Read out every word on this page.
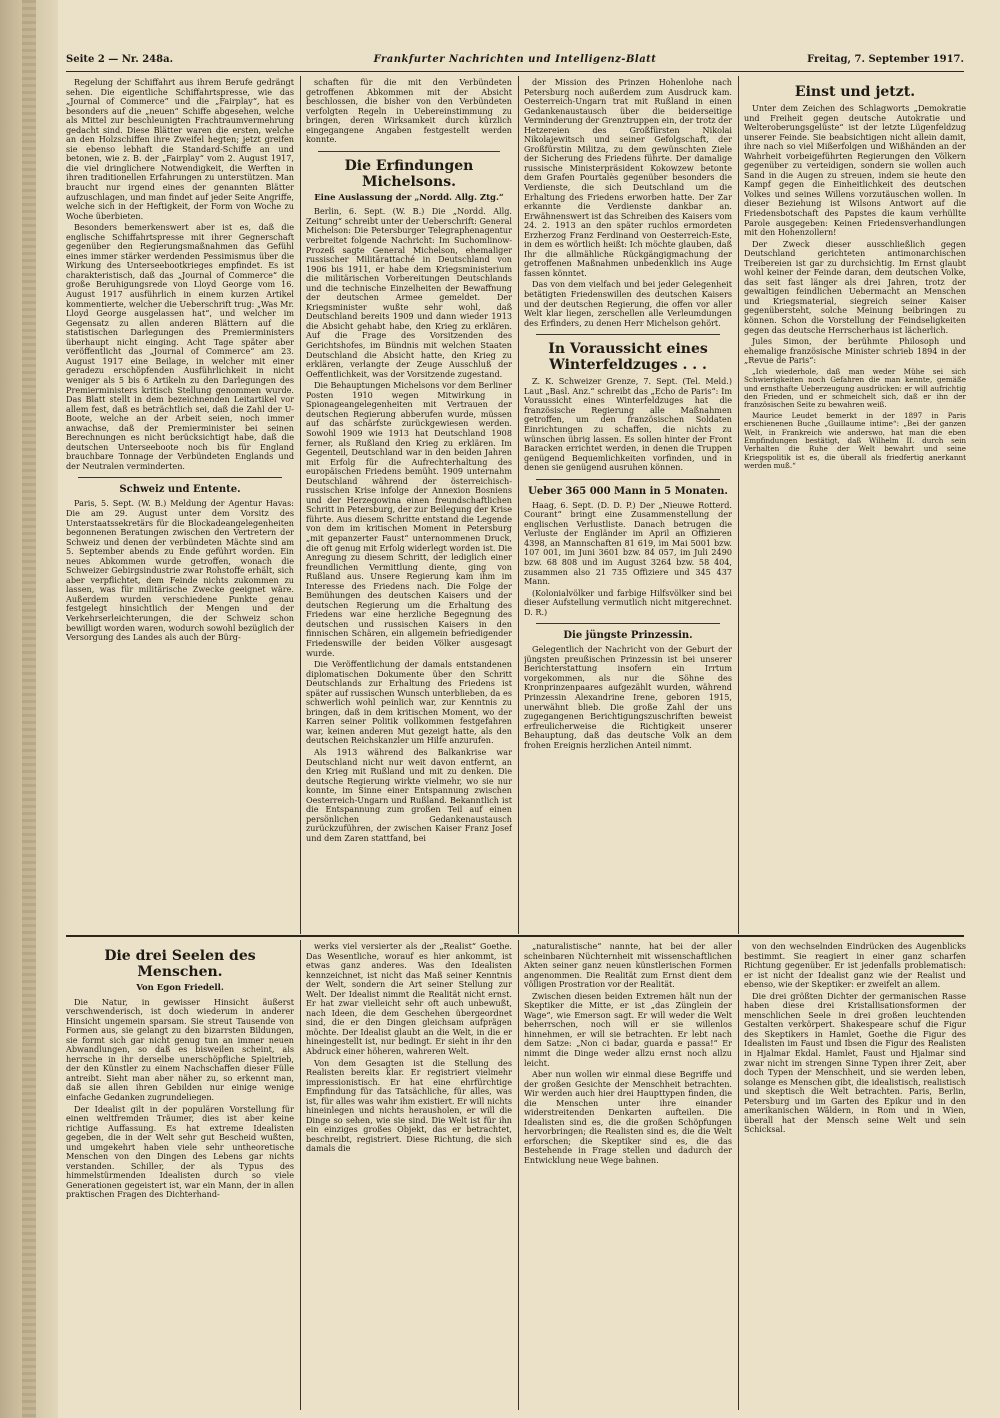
Seite 2 — Nr. 248a.	Frankfurter Nachrichten und Intelligenz-Blatt	Freitag, 7. September 1917.

Regelung der Schiffahrt aus ihrem Berufe gedrängt sehen. Die eigentliche Schiffahrtspresse, wie das „Journal of Commerce“ und die „Fairplay“, hat es besonders auf die „neuen“ Schiffe abgesehen, welche als Mittel zur beschleunigten Frachtraumvermehrung gedacht sind. Diese Blätter waren die ersten, welche an den Holzschiffen ihre Zweifel hegten; jetzt greifen sie ebenso lebhaft die Standard-Schiffe an und betonen, wie z. B. der „Fairplay“ vom 2. August 1917, die viel dringlichere Notwendigkeit, die Werften in ihren traditionellen Erfahrungen zu unterstützen. Man braucht nur irgend eines der genannten Blätter aufzuschlagen, und man findet auf jeder Seite Angriffe, welche sich in der Heftigkeit, der Form von Woche zu Woche überbieten.

Besonders bemerkenswert aber ist es, daß die englische Schiffahrtspresse mit ihrer Gegnerschaft gegenüber den Regierungsmaßnahmen das Gefühl eines immer stärker werdenden Pessimismus über die Wirkung des Unterseebootkrieges empfindet. Es ist charakteristisch, daß das „Journal of Commerce“ die große Beruhigungsrede von Lloyd George vom 16. August 1917 ausführlich in einem kurzen Artikel kommentierte, welcher die Ueberschrift trug: „Was Mr. Lloyd George ausgelassen hat“, und welcher im Gegensatz zu allen anderen Blättern auf die statistischen Darlegungen des Premierministers überhaupt nicht einging. Acht Tage später aber veröffentlicht das „Journal of Commerce“ am 23. August 1917 eine Beilage, in welcher mit einer geradezu erschöpfenden Ausführlichkeit in nicht weniger als 5 bis 6 Artikeln zu den Darlegungen des Premierministers kritisch Stellung genommen wurde. Das Blatt stellt in dem bezeichnenden Leitartikel vor allem fest, daß es beträchtlich sei, daß die Zahl der U-Boote, welche an der Arbeit seien, noch immer anwachse, daß der Premierminister bei seinen Berechnungen es nicht berücksichtigt habe, daß die deutschen Unterseeboote noch bis für England brauchbare Tonnage der Verbündeten Englands und der Neutralen verminderten.

Schweiz und Entente.

Paris, 5. Sept. (W. B.) Meldung der Agentur Havas: Die am 29. August unter dem Vorsitz des Unterstaatssekretärs für die Blockadeangelegenheiten begonnenen Beratungen zwischen den Vertretern der Schweiz und denen der verbündeten Mächte sind am 5. September abends zu Ende geführt worden. Ein neues Abkommen wurde getroffen, wonach die Schweizer Gebirgsindustrie zwar Rohstoffe erhält, sich aber verpflichtet, dem Feinde nichts zukommen zu lassen, was für militärische Zwecke geeignet wäre. Außerdem wurden verschiedene Punkte genau festgelegt hinsichtlich der Mengen und der Verkehrserleichterungen, die der Schweiz schon bewilligt worden waren, wodurch sowohl bezüglich der Versorgung des Landes als auch der Bürg-

schaften für die mit den Verbündeten getroffenen Abkommen mit der Absicht beschlossen, die bisher von den Verbündeten verfolgten Regeln in Uebereinstimmung zu bringen, deren Wirksamkeit durch kürzlich eingegangene Angaben festgestellt werden konnte.

Die Erfindungen Michelsons.

Eine Auslassung der „Nordd. Allg. Ztg.“

Berlin, 6. Sept. (W. B.) Die „Nordd. Allg. Zeitung“ schreibt unter der Ueberschrift: General Michelson: Die Petersburger Telegraphenagentur verbreitet folgende Nachricht: Im Suchomlinow-Prozeß sagte General Michelson, ehemaliger russischer Militärattaché in Deutschland von 1906 bis 1911, er habe dem Kriegsministerium die militärischen Vorbereitungen Deutschlands und die technische Einzelheiten der Bewaffnung der deutschen Armee gemeldet. Der Kriegsminister wußte sehr wohl, daß Deutschland bereits 1909 und dann wieder 1913 die Absicht gehabt habe, den Krieg zu erklären. Auf die Frage des Vorsitzenden des Gerichtshofes, im Bündnis mit welchen Staaten Deutschland die Absicht hatte, den Krieg zu erklären, verlangte der Zeuge Ausschluß der Oeffentlichkeit, was der Vorsitzende zugestand.

Die Behauptungen Michelsons vor dem Berliner Posten 1910 wegen Mitwirkung in Spionageangelegenheiten mit Vertrauen der deutschen Regierung abberufen wurde, müssen auf das schärfste zurückgewiesen werden. Sowohl 1909 wie 1913 hat Deutschland 1908 ferner, als Rußland den Krieg zu erklären. Im Gegenteil, Deutschland war in den beiden Jahren mit Erfolg für die Aufrechterhaltung des europäischen Friedens bemüht. 1909 unternahm Deutschland während der österreichisch-russischen Krise infolge der Annexion Bosniens und der Herzegowina einen freundschaftlichen Schritt in Petersburg, der zur Beilegung der Krise führte. Aus diesem Schritte entstand die Legende von dem im kritischen Moment in Petersburg „mit gepanzerter Faust“ unternommenen Druck, die oft genug mit Erfolg widerlegt worden ist. Die Anregung zu diesem Schritt, der lediglich einer freundlichen Vermittlung diente, ging von Rußland aus. Unsere Regierung kam ihm im Interesse des Friedens nach. Die Folge der Bemühungen des deutschen Kaisers und der deutschen Regierung um die Erhaltung des Friedens war eine herzliche Begegnung des deutschen und russischen Kaisers in den finnischen Schären, ein allgemein befriedigender Friedenswille der beiden Völker ausgesagt wurde.

Die Veröffentlichung der damals entstandenen diplomatischen Dokumente über den Schritt Deutschlands zur Erhaltung des Friedens ist später auf russischen Wunsch unterblieben, da es schwerlich wohl peinlich war, zur Kenntnis zu bringen, daß in dem kritischen Moment, wo der Karren seiner Politik vollkommen festgefahren war, keinen anderen Mut gezeigt hatte, als den deutschen Reichskanzler um Hilfe anzurufen.

Als 1913 während des Balkankrise war Deutschland nicht nur weit davon entfernt, an den Krieg mit Rußland und mit zu denken. Die deutsche Regierung wirkte vielmehr, wo sie nur konnte, im Sinne einer Entspannung zwischen Oesterreich-Ungarn und Rußland. Bekanntlich ist die Entspannung zum großen Teil auf einen persönlichen Gedankenaustausch zurückzuführen, der zwischen Kaiser Franz Josef und dem Zaren stattfand, bei

der Mission des Prinzen Hohenlohe nach Petersburg noch außerdem zum Ausdruck kam. Oesterreich-Ungarn trat mit Rußland in einen Gedankenaustausch über die beiderseitige Verminderung der Grenztruppen ein, der trotz der Hetzereien des Großfürsten Nikolai Nikolajewitsch und seiner Gefolgschaft, der Großfürstin Militza, zu dem gewünschten Ziele der Sicherung des Friedens führte. Der damalige russische Ministerpräsident Kokowzew betonte dem Grafen Pourtalès gegenüber besonders die Verdienste, die sich Deutschland um die Erhaltung des Friedens erworben hatte. Der Zar erkannte die Verdienste dankbar an. Erwähnenswert ist das Schreiben des Kaisers vom 24. 2. 1913 an den später ruchlos ermordeten Erzherzog Franz Ferdinand von Oesterreich-Este, in dem es wörtlich heißt: Ich möchte glauben, daß Ihr die allmähliche Rückgängigmachung der getroffenen Maßnahmen unbedenklich ins Auge fassen könntet.

Das von dem vielfach und bei jeder Gelegenheit betätigten Friedenswillen des deutschen Kaisers und der deutschen Regierung, die offen vor aller Welt klar liegen, zerschellen alle Verleumdungen des Erfinders, zu denen Herr Michelson gehört.

In Voraussicht eines Winterfeldzuges . . .

Z. K. Schweizer Grenze, 7. Sept. (Tel. Meld.) Laut „Basl. Anz.“ schreibt das „Echo de Paris“: Im Voraussicht eines Winterfeldzuges hat die französische Regierung alle Maßnahmen getroffen, um den französischen Soldaten Einrichtungen zu schaffen, die nichts zu wünschen übrig lassen. Es sollen hinter der Front Baracken errichtet werden, in denen die Truppen genügend Bequemlichkeiten vorfinden, und in denen sie genügend ausruhen können.

Ueber 365 000 Mann in 5 Monaten.

Haag, 6. Sept. (D. D. P.) Der „Nieuwe Rotterd. Courant“ bringt eine Zusammenstellung der englischen Verlustliste. Danach betrugen die Verluste der Engländer im April an Offizieren 4398, an Mannschaften 81 619, im Mai 5001 bzw. 107 001, im Juni 3601 bzw. 84 057, im Juli 2490 bzw. 68 808 und im August 3264 bzw. 58 404, zusammen also 21 735 Offiziere und 345 437 Mann.

(Kolonialvölker und farbige Hilfsvölker sind bei dieser Aufstellung vermutlich nicht mitgerechnet. D. R.)

Die jüngste Prinzessin.

Gelegentlich der Nachricht von der Geburt der jüngsten preußischen Prinzessin ist bei unserer Berichterstattung insofern ein Irrtum vorgekommen, als nur die Söhne des Kronprinzenpaares aufgezählt wurden, während Prinzessin Alexandrine Irene, geboren 1915, unerwähnt blieb. Die große Zahl der uns zugegangenen Berichtigungszuschriften beweist erfreulicherweise die Richtigkeit unserer Behauptung, daß das deutsche Volk an dem frohen Ereignis herzlichen Anteil nimmt.

Einst und jetzt.

Unter dem Zeichen des Schlagworts „Demokratie und Freiheit gegen deutsche Autokratie und Welteroberungsgelüste“ ist der letzte Lügenfeldzug unserer Feinde. Sie beabsichtigen nicht allein damit, ihre nach so viel Mißerfolgen und Wißhänden an der Wahrheit vorbeigeführten Regierungen den Völkern gegenüber zu verteidigen, sondern sie wollen auch Sand in die Augen zu streuen, indem sie heute den Kampf gegen die Einheitlichkeit des deutschen Volkes und seines Willens vorzutäuschen wollen. In dieser Beziehung ist Wilsons Antwort auf die Friedensbotschaft des Papstes die kaum verhüllte Parole ausgegeben: Keinen Friedensverhandlungen mit den Hohenzollern!

Der Zweck dieser ausschließlich gegen Deutschland gerichteten antimonarchischen Treibereien ist gar zu durchsichtig. Im Ernst glaubt wohl keiner der Feinde daran, dem deutschen Volke, das seit fast länger als drei Jahren, trotz der gewaltigen feindlichen Uebermacht an Menschen und Kriegsmaterial, siegreich seiner Kaiser gegenübersteht, solche Meinung beibringen zu können. Schon die Vorstellung der Feindseligkeiten gegen das deutsche Herrscherhaus ist lächerlich.

Jules Simon, der berühmte Philosoph und ehemalige französische Minister schrieb 1894 in der „Revue de Paris“:

„Ich wiederhole, daß man weder Mühe sei sich Schwierigkeiten noch Gefahren die man kennte, gemäße und ernsthafte Ueberzeugung ausdrücken: er will aufrichtig den Frieden, und er schmeichelt sich, daß er ihn der französischen Seite zu bewahren weiß.

Maurice Leudet bemerkt in der 1897 in Paris erschienenen Buche „Guillaume intime“: „Bei der ganzen Welt, in Frankreich wie anderswo, hat man die eben Empfindungen bestätigt, daß Wilhelm II. durch sein Verhalten die Ruhe der Welt bewahrt und seine Kriegspolitik ist es, die überall als friedfertig anerkannt werden muß.“

Die drei Seelen des Menschen.

Von Egon Friedell.

Die Natur, in gewisser Hinsicht äußerst verschwenderisch, ist doch wiederum in anderer Hinsicht ungemein sparsam. Sie streut Tausende von Formen aus, sie gelangt zu den bizarrsten Bildungen, sie formt sich gar nicht genug tun an immer neuen Abwandlungen, so daß es bisweilen scheint, als herrsche in ihr derselbe unerschöpfliche Spieltrieb, der den Künstler zu einem Nachschaffen dieser Fülle antreibt. Sieht man aber näher zu, so erkennt man, daß sie allen ihren Gebilden nur einige wenige einfache Gedanken zugrundeliegen.

Der Idealist gilt in der populären Vorstellung für einen weltfremden Träumer, dies ist aber keine richtige Auffassung. Es hat extreme Idealisten gegeben, die in der Welt sehr gut Bescheid wußten, und umgekehrt haben viele sehr untheoretische Menschen von den Dingen des Lebens gar nichts verstanden. Schiller, der als Typus des himmelstürmenden Idealisten durch so viele Generationen gegeistert ist, war ein Mann, der in allen praktischen Fragen des Dichterhand-

werks viel versierter als der „Realist“ Goethe. Das Wesentliche, worauf es hier ankommt, ist etwas ganz anderes. Was den Idealisten kennzeichnet, ist nicht das Maß seiner Kenntnis der Welt, sondern die Art seiner Stellung zur Welt. Der Idealist nimmt die Realität nicht ernst. Er hat zwar vielleicht sehr oft auch unbewußt, nach Ideen, die dem Geschehen übergeordnet sind, die er den Dingen gleichsam aufprägen möchte. Der Idealist glaubt an die Welt, in die er hineingestellt ist, nur bedingt. Er sieht in ihr den Abdruck einer höheren, wahreren Welt.

Von dem Gesagten ist die Stellung des Realisten bereits klar. Er registriert vielmehr impressionistisch. Er hat eine ehrfürchtige Empfindung für das Tatsächliche, für alles, was ist, für alles was wahr ihm existiert. Er will nichts hineinlegen und nichts herausholen, er will die Dinge so sehen, wie sie sind. Die Welt ist für ihn ein einziges großes Objekt, das er betrachtet, beschreibt, registriert. Diese Richtung, die sich damals die

„naturalistische“ nannte, hat bei der aller scheinbaren Nüchternheit mit wissenschaftlichen Akten seiner ganz neuen künstlerischen Formen angenommen. Die Realität zum Ernst dient dem völligen Prostration vor der Realität.

Zwischen diesen beiden Extremen hält nun der Skeptiker die Mitte, er ist „das Zünglein der Wage“, wie Emerson sagt. Er will weder die Welt beherrschen, noch will er sie willenlos hinnehmen, er will sie betrachten. Er lebt nach dem Satze: „Non ci badar, guarda e passa!“ Er nimmt die Dinge weder allzu ernst noch allzu leicht.

Aber nun wollen wir einmal diese Begriffe und der großen Gesichte der Menschheit betrachten. Wir werden auch hier drei Haupttypen finden, die die Menschen unter ihre einander widerstreitenden Denkarten aufteilen. Die Idealisten sind es, die die großen Schöpfungen hervorbringen; die Realisten sind es, die die Welt erforschen; die Skeptiker sind es, die das Bestehende in Frage stellen und dadurch der Entwicklung neue Wege bahnen.

von den wechselnden Eindrücken des Augenblicks bestimmt. Sie reagiert in einer ganz scharfen Richtung gegenüber. Er ist jedenfalls problematisch: er ist nicht der Idealist ganz wie der Realist und ebenso, wie der Skeptiker: er zweifelt an allem.

Die drei größten Dichter der germanischen Rasse haben diese drei Kristallisationsformen der menschlichen Seele in drei großen leuchtenden Gestalten verkörpert. Shakespeare schuf die Figur des Skeptikers in Hamlet, Goethe die Figur des Idealisten im Faust und Ibsen die Figur des Realisten in Hjalmar Ekdal. Hamlet, Faust und Hjalmar sind zwar nicht im strengen Sinne Typen ihrer Zeit, aber doch Typen der Menschheit, und sie werden leben, solange es Menschen gibt, die idealistisch, realistisch und skeptisch die Welt betrachten. Paris, Berlin, Petersburg und im Garten des Epikur und in den amerikanischen Wäldern, in Rom und in Wien, überall hat der Mensch seine Welt und sein Schicksal.
